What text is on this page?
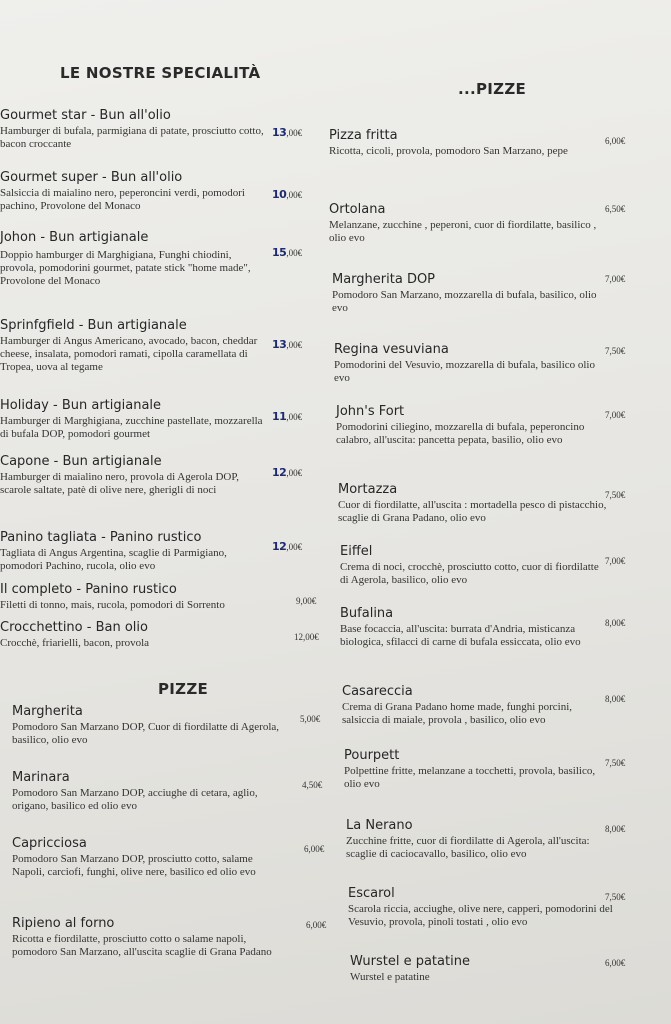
LE NOSTRE SPECIALITÀ
Gourmet star - Bun all'olio
Hamburger di bufala, parmigiana di patate, prosciutto cotto, bacon croccante
13,00€
Gourmet super - Bun all'olio
Salsiccia di maialino nero, peperoncini verdi, pomodori pachino, Provolone del Monaco
10,00€
Johon - Bun artigianale
Doppio hamburger di Marghigiana, Funghi chiodini, provola, pomodorini gourmet, patate stick "home made", Provolone del Monaco
15,00€
Sprinfgfield - Bun artigianale
Hamburger di Angus Americano, avocado, bacon, cheddar cheese, insalata, pomodori ramati, cipolla caramellata di Tropea, uova al tegame
13,00€
Holiday - Bun artigianale
Hamburger di Marghigiana, zucchine pastellate, mozzarella di bufala DOP, pomodori gourmet
11,00€
Capone - Bun artigianale
Hamburger di maialino nero, provola di Agerola DOP, scarole saltate, patè di olive nere, gherigli di noci
12,00€
Panino tagliata - Panino rustico
Tagliata di Angus Argentina, scaglie di Parmigiano, pomodori Pachino, rucola, olio evo
12,00€
Il completo - Panino rustico
Filetti di tonno, mais, rucola, pomodori di Sorrento	9,00€
Crocchettino - Ban olio
Crocchè, friarielli, bacon, provola	12,00€
PIZZE
Margherita
Pomodoro San Marzano DOP, Cuor di fiordilatte di Agerola, basilico, olio evo
5,00€
Marinara
Pomodoro San Marzano DOP, acciughe di cetara, aglio, origano, basilico ed olio evo
4,50€
Capricciosa
Pomodoro San Marzano DOP, prosciutto cotto, salame Napoli, carciofi, funghi, olive nere, basilico ed olio evo
6,00€
Ripieno al forno
Ricotta e fiordilatte, prosciutto cotto o salame napoli, pomodoro San Marzano, all'uscita scaglie di Grana Padano
6,00€
...PIZZE
Pizza fritta
Ricotta, cicoli, provola, pomodoro San Marzano, pepe
6,00€
Ortolana
Melanzane, zucchine , peperoni, cuor di fiordilatte, basilico , olio evo
6,50€
Margherita DOP
Pomodoro San Marzano, mozzarella di bufala, basilico, olio evo
7,00€
Regina vesuviana
Pomodorini del Vesuvio, mozzarella di bufala, basilico olio evo
7,50€
John's Fort
Pomodorini ciliegino, mozzarella di bufala, peperoncino calabro, all'uscita: pancetta pepata, basilio, olio evo
7,00€
Mortazza
Cuor di fiordilatte, all'uscita : mortadella pesco di pistacchio, scaglie di Grana Padano, olio evo
7,50€
Eiffel
Crema di noci, crocchè, prosciutto cotto, cuor di fiordilatte di Agerola, basilico, olio evo
7,00€
Bufalina
Base focaccia, all'uscita: burrata d'Andria, misticanza biologica, sfilacci di carne di bufala essiccata, olio evo
8,00€
Casareccia
Crema di Grana Padano home made, funghi porcini, salsiccia di maiale, provola , basilico, olio evo
8,00€
Pourpett
Polpettine fritte, melanzane a tocchetti, provola, basilico, olio evo
7,50€
La Nerano
Zucchine fritte, cuor di fiordilatte di Agerola, all'uscita: scaglie di caciocavallo, basilico, olio evo
8,00€
Escarol
Scarola riccia, acciughe, olive nere, capperi, pomodorini del Vesuvio, provola, pinoli tostati , olio evo
7,50€
Wurstel e patatine
Wurstel e patatine
6,00€
